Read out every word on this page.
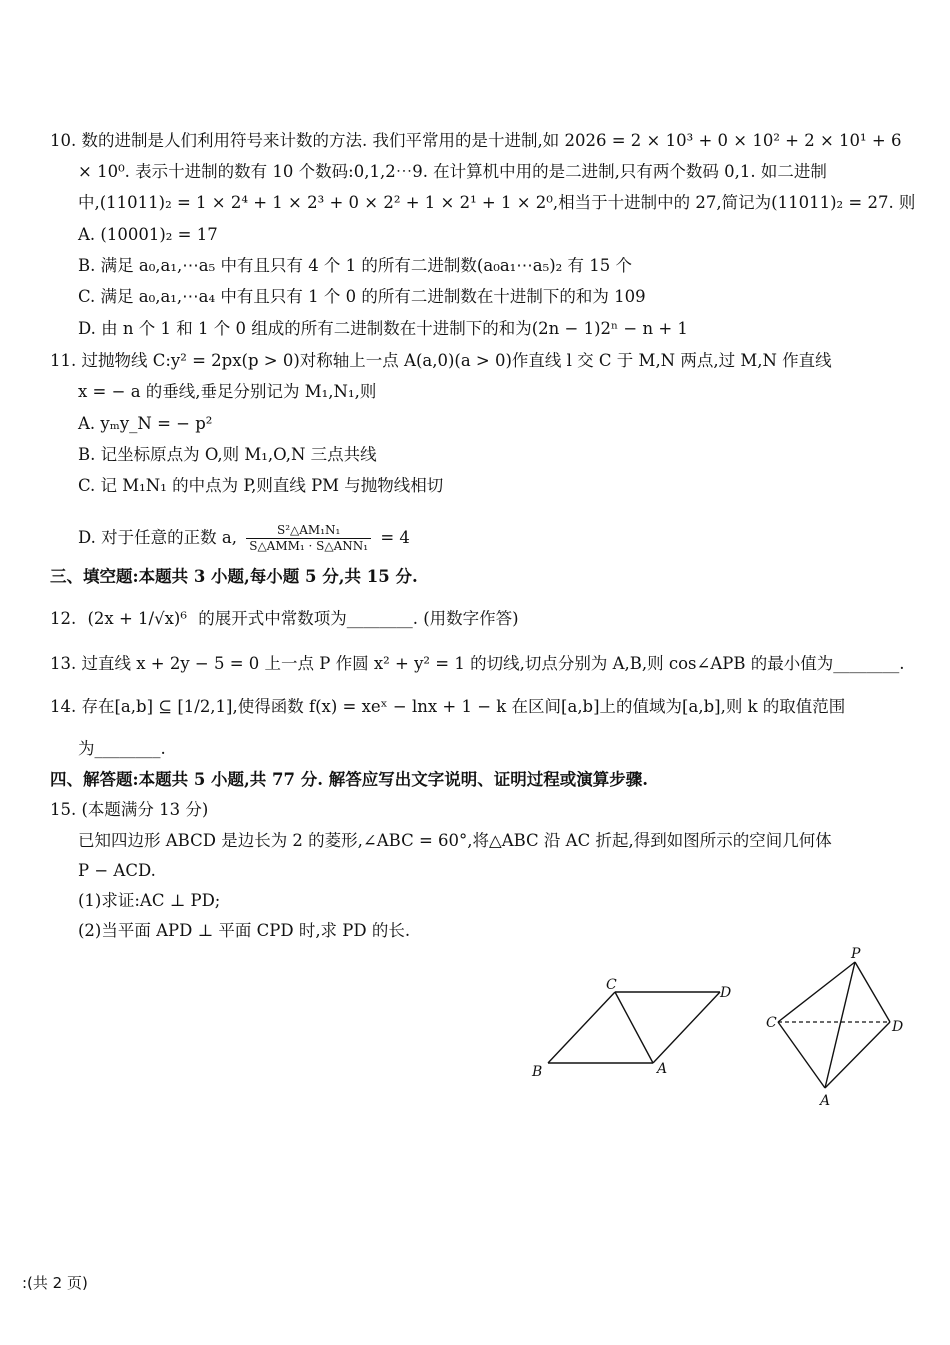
10. 数的进制是人们利用符号来计数的方法. 我们平常用的是十进制,如 2026 = 2 × 10³ + 0 × 10² + 2 × 10¹ + 6
× 10⁰. 表示十进制的数有 10 个数码:0,1,2⋯9. 在计算机中用的是二进制,只有两个数码 0,1. 如二进制
中,(11011)₂ = 1 × 2⁴ + 1 × 2³ + 0 × 2² + 1 × 2¹ + 1 × 2⁰,相当于十进制中的 27,简记为(11011)₂ = 27. 则
A. (10001)₂ = 17
B. 满足 a₀,a₁,⋯a₅ 中有且只有 4 个 1 的所有二进制数(a₀a₁⋯a₅)₂ 有 15 个
C. 满足 a₀,a₁,⋯a₄ 中有且只有 1 个 0 的所有二进制数在十进制下的和为 109
D. 由 n 个 1 和 1 个 0 组成的所有二进制数在十进制下的和为(2n − 1)2ⁿ − n + 1
11. 过抛物线 C:y² = 2px(p > 0)对称轴上一点 A(a,0)(a > 0)作直线 l 交 C 于 M,N 两点,过 M,N 作直线
x = − a 的垂线,垂足分别记为 M₁,N₁,则
A. yₘy_N = − p²
B. 记坐标原点为 O,则 M₁,O,N 三点共线
C. 记 M₁N₁ 的中点为 P,则直线 PM 与抛物线相切
D. 对于任意的正数 a,	S²△AM₁N₁
S△AMM₁ · S△ANN₁ = 4
三、填空题:本题共 3 小题,每小题 5 分,共 15 分.
12. (2x + 1/√x)⁶ 的展开式中常数项为________. (用数字作答)
13. 过直线 x + 2y − 5 = 0 上一点 P 作圆 x² + y² = 1 的切线,切点分别为 A,B,则 cos∠APB 的最小值为________.
14. 存在[a,b] ⊆ [1/2,1],使得函数 f(x) = xeˣ − lnx + 1 − k 在区间[a,b]上的值域为[a,b],则 k 的取值范围
为________.
四、解答题:本题共 5 小题,共 77 分. 解答应写出文字说明、证明过程或演算步骤.
15. (本题满分 13 分)
已知四边形 ABCD 是边长为 2 的菱形,∠ABC = 60°,将△ABC 沿 AC 折起,得到如图所示的空间几何体
P − ACD.
(1)求证:AC ⊥ PD;
(2)当平面 APD ⊥ 平面 CPD 时,求 PD 的长.
C	D
B	A
P
C	D
A
:(共 2 页)
